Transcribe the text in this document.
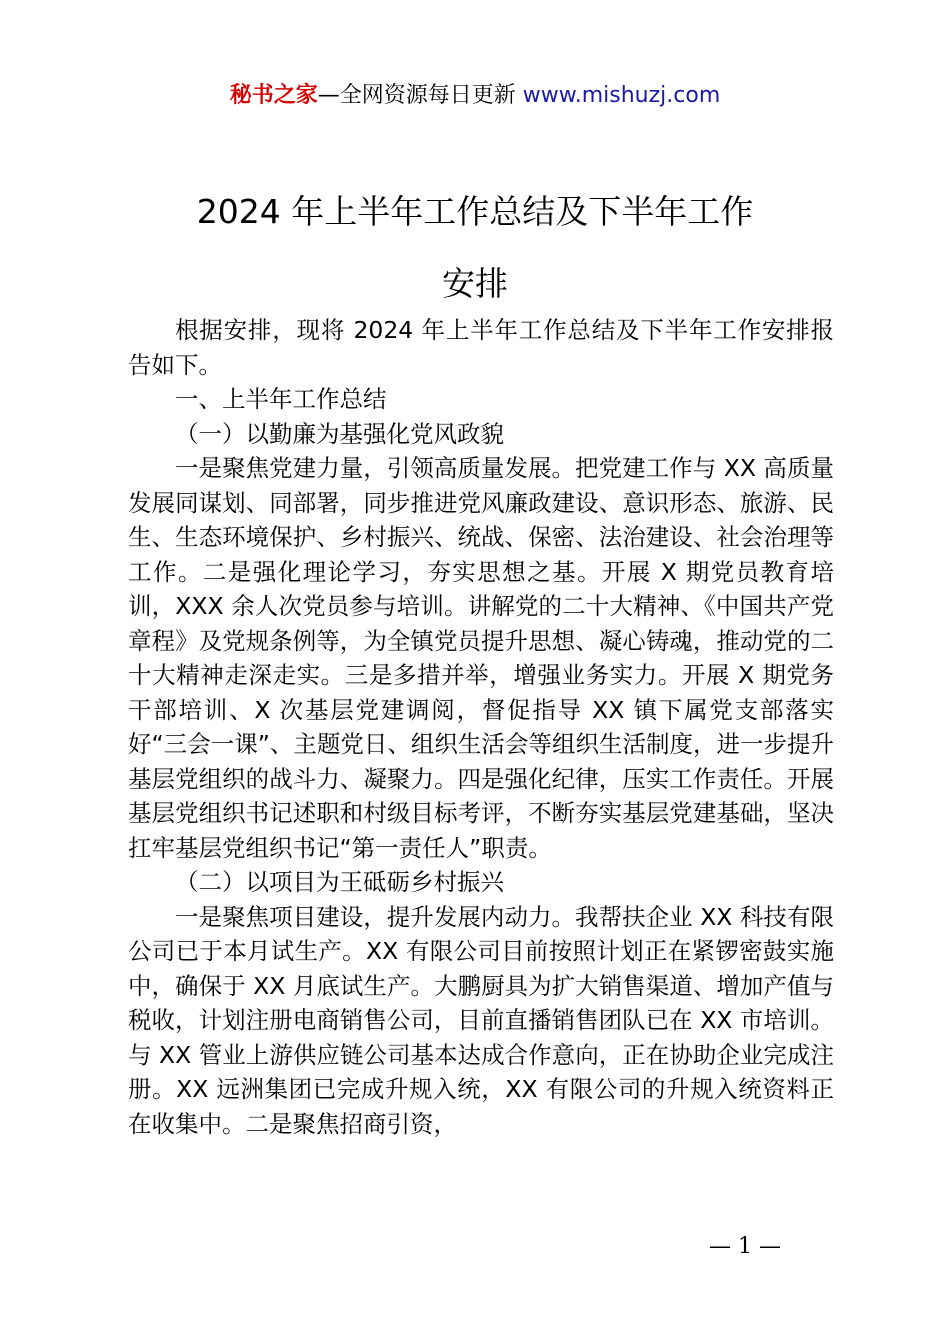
秘书之家—全网资源每日更新 www.mishuzj.com
2024 年上半年工作总结及下半年工作
安排

根据安排，现将 2024 年上半年工作总结及下半年工作安排报告如下。

一、上半年工作总结

（一）以勤廉为基强化党风政貌

一是聚焦党建力量，引领高质量发展。把党建工作与 XX 高质量发展同谋划、同部署，同步推进党风廉政建设、意识形态、旅游、民生、生态环境保护、乡村振兴、统战、保密、法治建设、社会治理等工作。二是强化理论学习，夯实思想之基。开展 X 期党员教育培训，XXX 余人次党员参与培训。讲解党的二十大精神、《中国共产党章程》及党规条例等，为全镇党员提升思想、凝心铸魂，推动党的二十大精神走深走实。三是多措并举，增强业务实力。开展 X 期党务干部培训、X 次基层党建调阅，督促指导 XX 镇下属党支部落实好“三会一课”、主题党日、组织生活会等组织生活制度，进一步提升基层党组织的战斗力、凝聚力。四是强化纪律，压实工作责任。开展基层党组织书记述职和村级目标考评，不断夯实基层党建基础，坚决扛牢基层党组织书记“第一责任人”职责。

（二）以项目为王砥砺乡村振兴

一是聚焦项目建设，提升发展内动力。我帮扶企业 XX 科技有限公司已于本月试生产。XX 有限公司目前按照计划正在紧锣密鼓实施中，确保于 XX 月底试生产。大鹏厨具为扩大销售渠道、增加产值与税收，计划注册电商销售公司，目前直播销售团队已在 XX 市培训。与 XX 管业上游供应链公司基本达成合作意向，正在协助企业完成注册。XX 远洲集团已完成升规入统，XX 有限公司的升规入统资料正在收集中。二是聚焦招商引资，

— 1 —
